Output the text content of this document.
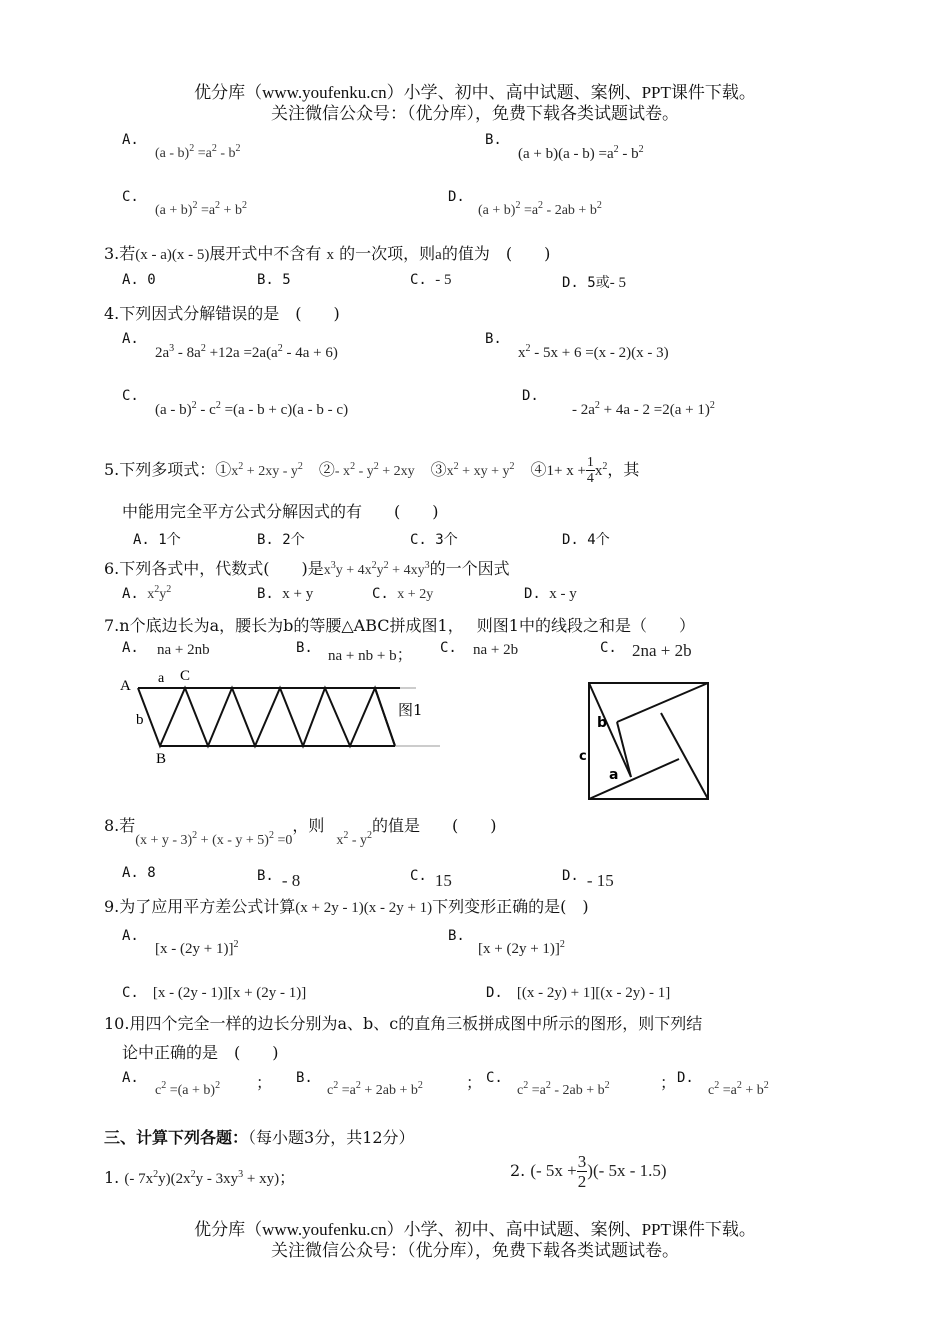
优分库（www.youfenku.cn）小学、初中、高中试题、案例、PPT课件下载。
关注微信公众号：（优分库），免费下载各类试题试卷。
A.
$(a - b)^2 =a^2 - b^2$
B.
$(a + b)(a - b) =a^2 - b^2$
C.
$(a + b)^2 =a^2 + b^2$
D.
$(a + b)^2 =a^2 - 2ab + b^2$
3.若(x - a)(x - 5)展开式中不含有 x 的一次项，则a的值为　 (　　)
A. 0	B. 5	C. - 5	D. 5或- 5
4.下列因式分解错误的是　(　　)
A.
$2a^3 - 8a^2 +12a =2a(a^2 - 4a + 6)$
B.
$x^2 - 5x + 6 =(x - 2)(x - 3)$
C.
$(a - b)^2 - c^2 =(a - b + c)(a - b - c)$
D.
- $2a^2 + 4a - 2 =2(a + 1)^2$
5.下列多项式：$①x^2 + 2xy - y^2$　 ②- $x^2 - y^2 + 2xy$　 $③x^2$ + xy + $y^2$　 ④1+ $x + \frac{1}{4} x^2$，其
中能用完全平方公式分解因式的有　　(　　)
A. 1个	B. 2个	C. 3个	D. 4个
6.下列各式中，代数式(　　)是$x^3y + 4x^2y^2 + 4xy^3$的一个因式
A. $x^2y^2$	B. x + y	C. x + 2y	D. x - y
7.n个底边长为a，腰长为b的等腰△ABC拼成图1，　 则图1中的线段之和是（　　）
A. na + 2nb	B. na + nb + b； C. na + 2b	C. 2na + 2b
A a C
b
B
图1
b
c
a
8.若$(x + y - 3)^2 + (x - y + 5)^2 =0$，则$x^2 - y^2$的值是　　(　　)
A. 8	B. - 8	C. 15	D. - 15
9.为了应用平方差公式计算(x + 2y - 1)(x - 2y + 1)下列变形正确的是(　)
A.
$[x - (2y + 1)]^2$
B.
$[x + (2y + 1)]^2$
C.　 [x - (2y - 1)][x + (2y - 1)]	D.　 [(x - 2y) + 1][(x - 2y) - 1]
10.用四个完全一样的边长分别为a、b、c的直角三板拼成图中所示的图形，则下列结
论中正确的是　(　　)
A.
$c^2 =(a + b)^2$ ； B.
$c^2 =a^2 + 2ab + b^2$	； C.
$c^2 =a^2 - 2ab + b^2$	； D.
$c^2 =a^2 + b^2$
三、计算下列各题：（每小题3分，共12分）
1. (- $7x^2y)(2x^2y - 3xy^3 + xy)$；	2. (- $5x + \frac{3}{2}$ )(- 5x - 1.5)
优分库（www.youfenku.cn）小学、初中、高中试题、案例、PPT课件下载。
关注微信公众号：（优分库），免费下载各类试题试卷。
